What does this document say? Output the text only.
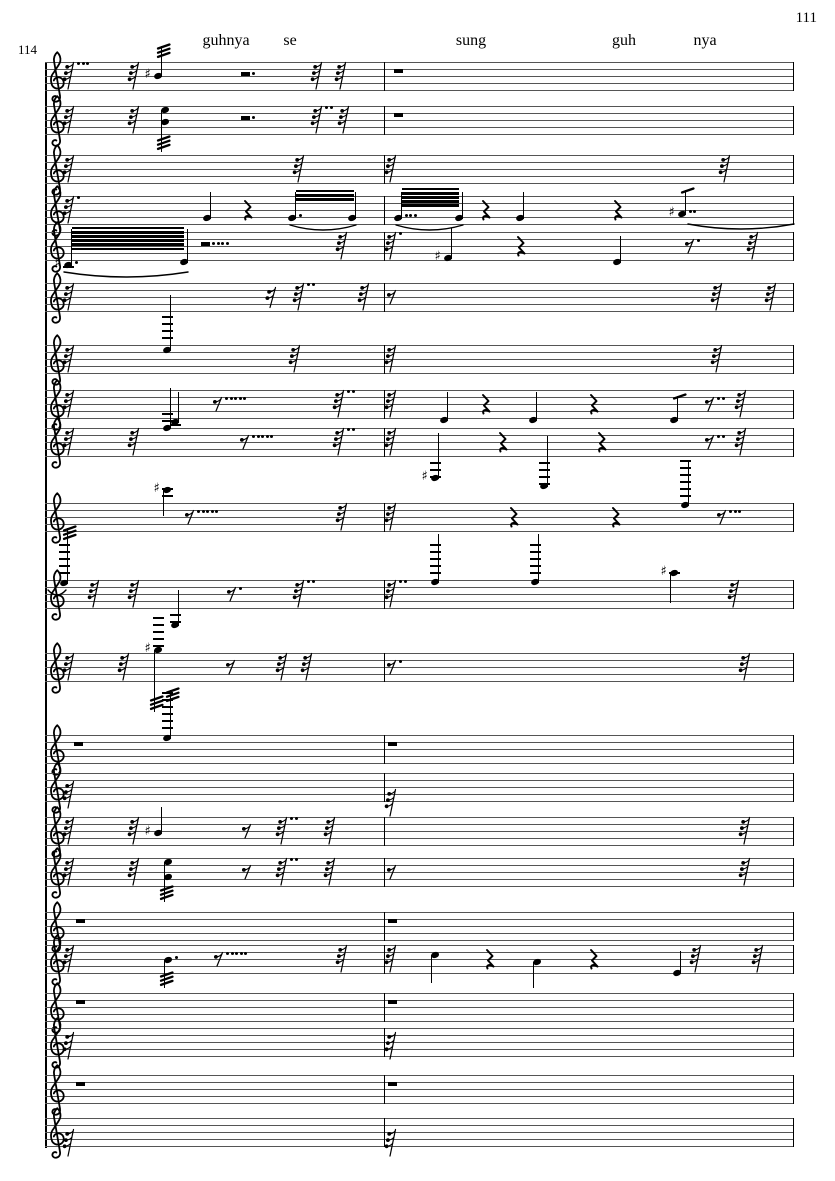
111
114
guhnya se	sung	guh	nya
♯
♯
♯	♯
♯
♯
♯
♯
♯
